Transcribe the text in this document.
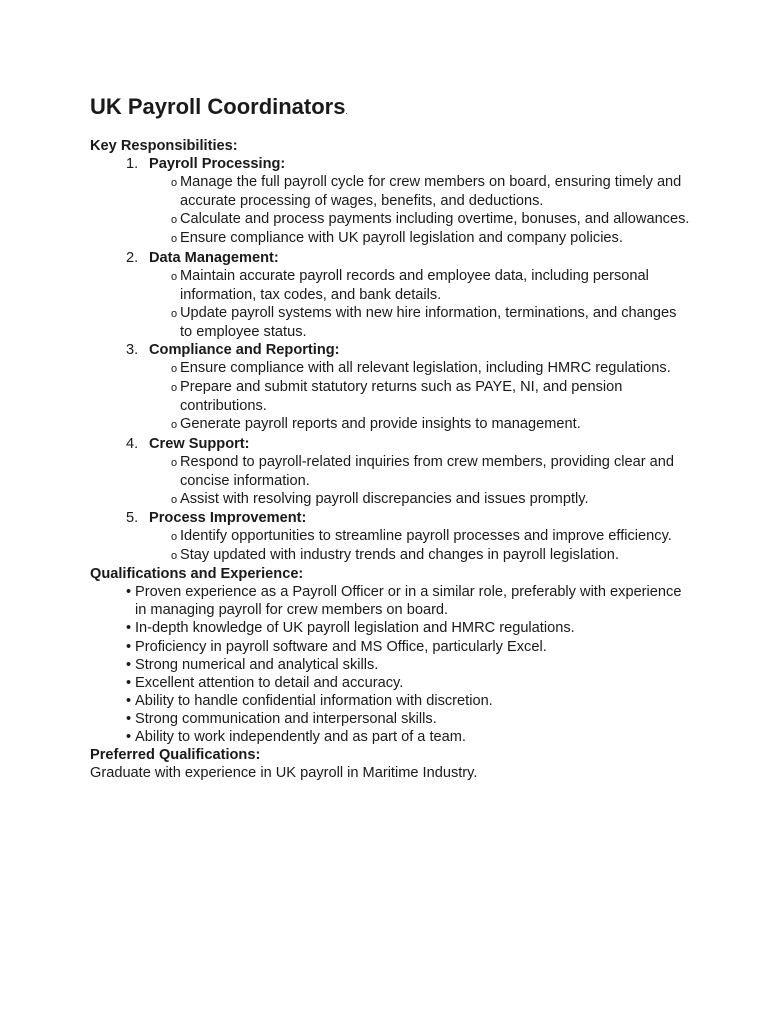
UK Payroll Coordinators.

Key Responsibilities:

1. Payroll Processing:
o Manage the full payroll cycle for crew members on board, ensuring timely and accurate processing of wages, benefits, and deductions.
o Calculate and process payments including overtime, bonuses, and allowances.
o Ensure compliance with UK payroll legislation and company policies.
2. Data Management:
o Maintain accurate payroll records and employee data, including personal information, tax codes, and bank details.
o Update payroll systems with new hire information, terminations, and changes to employee status.
3. Compliance and Reporting:
o Ensure compliance with all relevant legislation, including HMRC regulations.
o Prepare and submit statutory returns such as PAYE, NI, and pension contributions.
o Generate payroll reports and provide insights to management.
4. Crew Support:
o Respond to payroll-related inquiries from crew members, providing clear and concise information.
o Assist with resolving payroll discrepancies and issues promptly.
5. Process Improvement:
o Identify opportunities to streamline payroll processes and improve efficiency.
o Stay updated with industry trends and changes in payroll legislation.

Qualifications and Experience:

• Proven experience as a Payroll Officer or in a similar role, preferably with experience in managing payroll for crew members on board.
• In-depth knowledge of UK payroll legislation and HMRC regulations.
• Proficiency in payroll software and MS Office, particularly Excel.
• Strong numerical and analytical skills.
• Excellent attention to detail and accuracy.
• Ability to handle confidential information with discretion.
• Strong communication and interpersonal skills.
• Ability to work independently and as part of a team.

Preferred Qualifications:

Graduate with experience in UK payroll in Maritime Industry.
